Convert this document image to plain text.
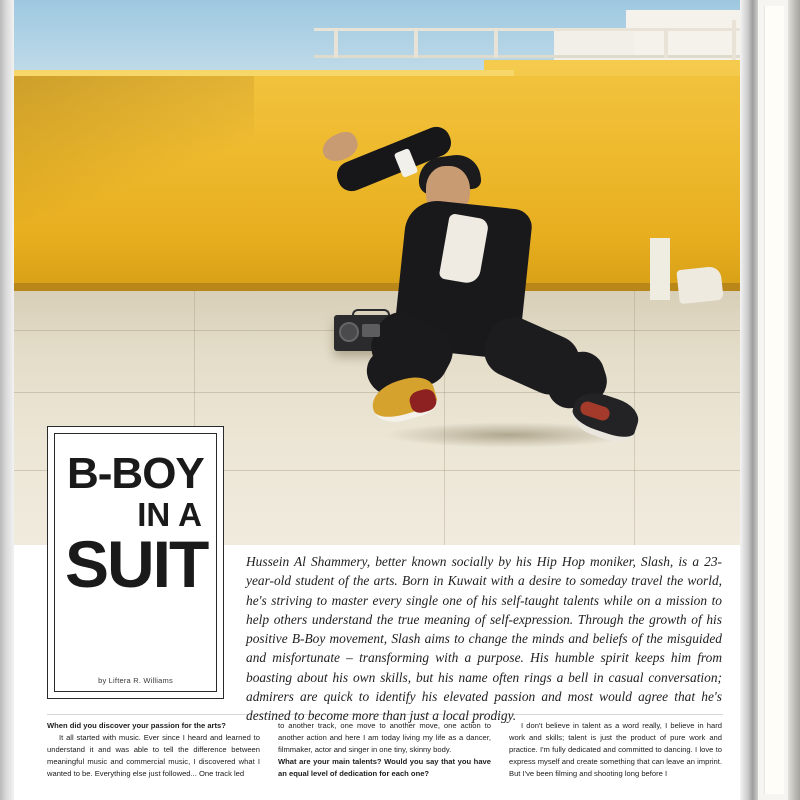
B-BOY
IN A
SUIT
by Liftera R. Williams
Hussein Al Shammery, better known socially by his Hip Hop moniker, Slash, is a 23-year-old student of the arts. Born in Kuwait with a desire to someday travel the world, he's striving to master every single one of his self-taught talents while on a mission to help others understand the true meaning of self-expression. Through the growth of his positive B-Boy movement, Slash aims to change the minds and beliefs of the misguided and misfortunate – transforming with a purpose. His humble spirit keeps him from boasting about his own skills, but his name often rings a bell in casual conversation; admirers are quick to identify his elevated passion and most would agree that he's destined to become more than just a local prodigy.

When did you discover your passion for the arts?

It all started with music. Ever since I heard and learned to understand it and was able to tell the difference between meaningful music and commercial music, I discovered what I wanted to be. Everything else just followed... One track led

to another track, one move to another move, one action to another action and here I am today living my life as a dancer, filmmaker, actor and singer in one tiny, skinny body.

What are your main talents? Would you say that you have an equal level of dedication for each one?

I don't believe in talent as a word really, I believe in hard work and skills; talent is just the product of pure work and practice. I'm fully dedicated and committed to dancing. I love to express myself and create something that can leave an imprint. But I've been filming and shooting long before I
